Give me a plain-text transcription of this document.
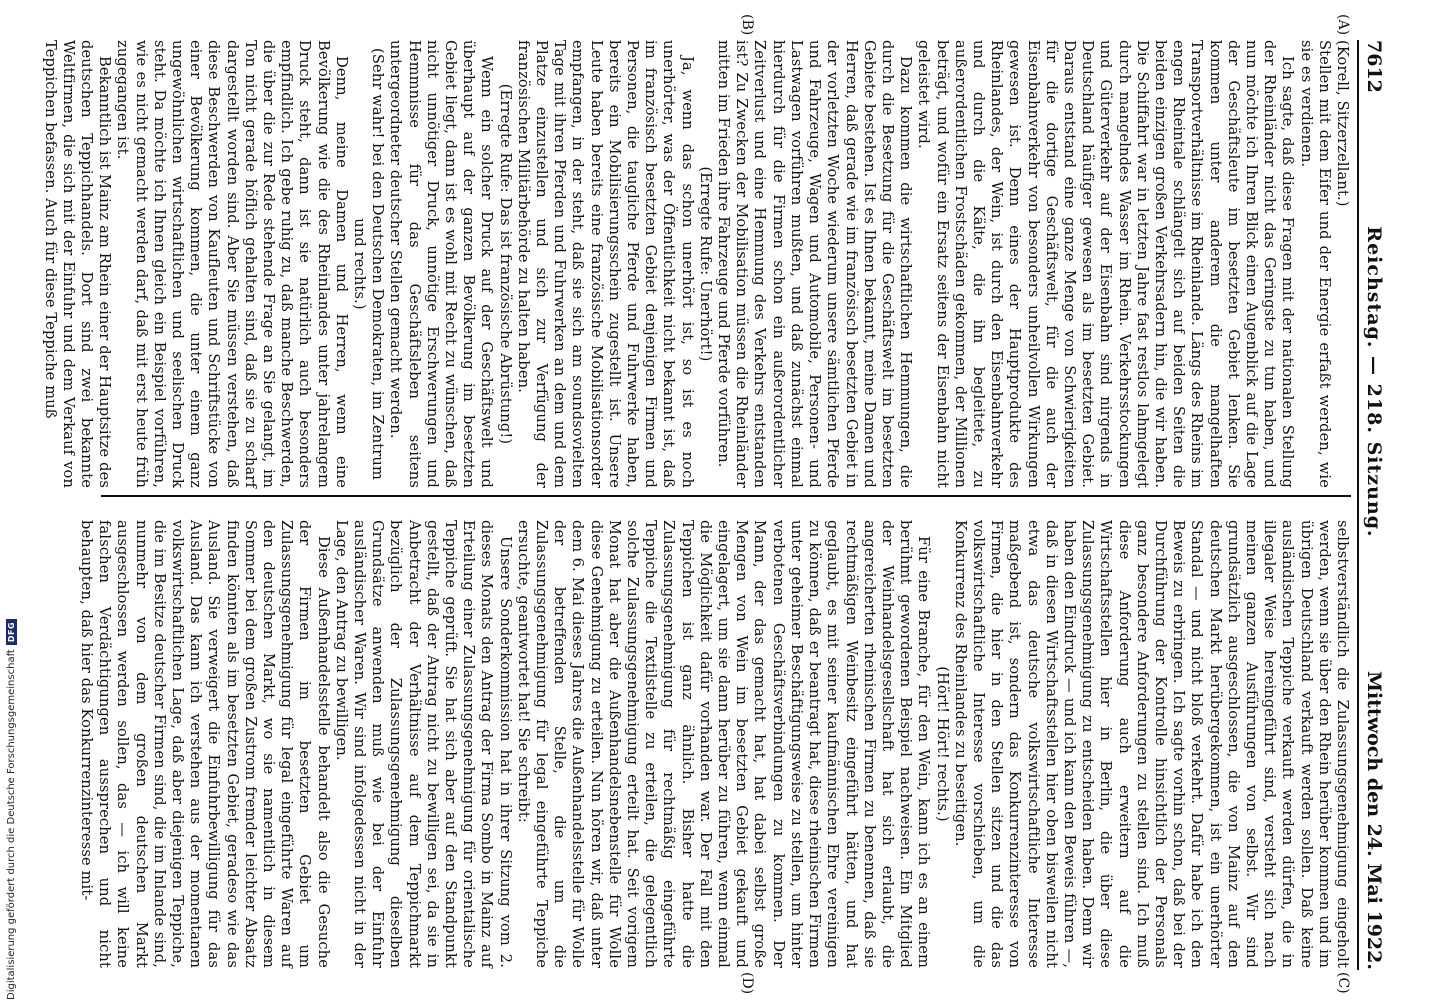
7612
Reichstag. — 218. Sitzung.
Mittwoch den 24. Mai 1922.
(A)
(B)
(C)
(D)

(Korell, Sitzerzellant.)

Stellen mit dem Eifer und der Energie erfaßt werden, wie sie es verdienen.

Ich sagte, daß diese Fragen mit der nationalen Stellung der Rheinländer nicht das Geringste zu tun haben, und nun möchte ich Ihren Blick einen Augenblick auf die Lage der Geschäftsleute im besetzten Gebiet lenken. Sie kommen unter anderem die mangelhaften Transportverhältnisse im Rheinlande. Längs des Rheins im engen Rheintale schlängelt sich auf beiden Seiten die beiden einzigen großen Verkehrsadern hin, die wir haben. Die Schiffahrt war in letzten Jahre fast restlos lahmgelegt durch mangelndes Wasser im Rhein. Verkehrsstockungen und Güterverkehr auf der Eisenbahn sind nirgends in Deutschland häufiger gewesen als im besetzten Gebiet. Daraus entstand eine ganze Menge von Schwierigkeiten für die dortige Geschäftswelt, für die auch der Eisenbahnverkehr von besonders unheilvollen Wirkungen gewesen ist. Denn eines der Hauptprodukte des Rheinlandes, der Wein, ist durch den Eisenbahnverkehr und durch die Kälte, die ihn begleitete, zu außerordentlichen Frostschäden gekommen, der Millionen beträgt, und wofür ein Ersatz seitens der Eisenbahn nicht geleistet wird.

Dazu kommen die wirtschaftlichen Hemmungen, die durch die Besetzung für die Geschäftswelt im besetzten Gebiete bestehen. Ist es Ihnen bekannt, meine Damen und Herren, daß gerade wie im französisch besetzten Gebiet in der vorletzten Woche wiederum unsere sämtlichen Pferde und Fahrzeuge, Wagen und Automobile, Personen- und Lastwagen vorführen mußten, und daß zunächst einmal hierdurch für die Firmen schon ein außerordentlicher Zeitverlust und eine Hemmung des Verkehrs entstanden ist? Zu Zwecken der Mobilisation müssen die Rheinländer mitten im Frieden ihre Fahrzeuge und Pferde vorführen.

(Erregte Rufe: Unerhört!)

Ja, wenn das schon unerhört ist, so ist es noch unerhörter, was der Öffentlichkeit nicht bekannt ist, daß im französisch besetzten Gebiet denjenigen Firmen und Personen, die taugliche Pferde und Fuhrwerke haben, bereits ein Mobilisierungsschein zugestellt ist. Unsere Leute haben bereits eine französische Mobilisationsorder empfangen, in der steht, daß sie sich am soundsovielten Tage mit ihren Pferden und Fuhrwerken an dem und dem Platze einzustellen und sich zur Verfügung der französischen Militärbehörde zu halten haben.

(Erregte Rufe: Das ist französische Abrüstung!)

Wenn ein solcher Druck auf der Geschäftswelt und überhaupt auf der ganzen Bevölkerung im besetzten Gebiet liegt, dann ist es wohl mit Recht zu wünschen, daß nicht unnötiger Druck, unnötige Erschwerungen und Hemmnisse für das Geschäftsleben seitens untergeordneter deutscher Stellen gemacht werden.

(Sehr wahr! bei den Deutschen Demokraten, im Zentrum und rechts.)

Denn, meine Damen und Herren, wenn eine Bevölkerung wie die des Rheinlandes unter jahrelangem Druck steht, dann ist sie natürlich auch besonders empfindlich. Ich gebe ruhig zu, daß manche Beschwerden, die über die zur Rede stehende Frage an Sie gelangt, im Ton nicht gerade höflich gehalten sind, daß sie zu scharf dargestellt worden sind. Aber Sie müssen verstehen, daß diese Beschwerden von Kaufleuten und Schriftstücke von einer Bevölkerung kommen, die unter einem ganz ungewöhnlichen wirtschaftlichen und seelischen Druck steht. Da möchte ich Ihnen gleich ein Beispiel vorführen, wie es nicht gemacht werden darf, daß mit erst heute früh zugegangen ist.

Bekanntlich ist Mainz am Rhein einer der Hauptsitze des deutschen Teppichhandels. Dort sind zwei bekannte Weltfirmen, die sich mit der Einfuhr und dem Verkauf von Teppichen befassen. Auch für diese Teppiche muß

selbstverständlich die Zulassungsgenehmigung eingeholt werden, wenn sie über den Rhein herüber kommen und im übrigen Deutschland verkauft werden sollen. Daß keine ausländischen Teppiche verkauft werden dürfen, die in illegaler Weise hereingeführt sind, versteht sich nach meinen ganzen Ausführungen von selbst. Wir sind grundsätzlich ausgeschlossen, die von Mainz auf den deutschen Markt herübergekommen, ist ein unerhörter Standal — und nicht bloß verkehrt. Dafür habe ich den Beweis zu erbringen. Ich sagte vorhin schon, daß bei der Durchführung der Kontrolle hinsichtlich der Personals ganz besondere Anforderungen zu stellen sind. Ich muß diese Anforderung auch erweitern auf die Wirtschaftsstellen hier in Berlin, die über diese Zulassungsgenehmigung zu entscheiden haben. Denn wir haben den Eindruck — und ich kann den Beweis führen —, daß in diesen Wirtschaftsstellen hier oben bisweilen nicht etwa das deutsche volkswirtschaftliche Interesse maßgebend ist, sondern das Konkurrenzinteresse von Firmen, die hier in den Stellen sitzen und die das volkswirtschaftliche Interesse vorschieben, um die Konkurrenz des Rheinlandes zu beseitigen.

(Hört! Hört! rechts.)

Für eine Branche, für den Wein, kann ich es an einem berühmt gewordenen Beispiel nachweisen. Ein Mitglied der Weinhandelsgesellschaft hat sich erlaubt, die angereicherten rheinischen Firmen zu benennen, daß sie rechtmäßigen Weinbesitz eingeführt hätten, und hat geglaubt, es mit seiner kaufmännischen Ehre vereinigen zu können, daß er beantragt hat, diese rheinischen Firmen unter geheimer Beschäftigungsweise zu stellen, um hinter verbotenen Geschäftsverbindungen zu kommen. Der Mann, der das gemacht hat, hat dabei selbst große Mengen von Wein im besetzten Gebiet gekauft und eingelagert, um sie dann herüber zu führen, wenn einmal die Möglichkeit dafür vorhanden war. Der Fall mit den Teppichen ist ganz ähnlich. Bisher hatte die Zulassungsgenehmigung für rechtmäßig eingeführte Teppiche die Textilstelle zu erteilen, die gelegentlich solche Zulassungsgenehmigung erteilt hat. Seit vorigem Monat hat aber die Außenhandelsnebenstelle für Wolle diese Genehmigung zu erteilen. Nun hören wir, daß unter dem 6. Mai dieses Jahres die Außenhandelsstelle für Wolle der betreffenden Stelle, die um die Zulassungsgenehmigung für legal eingeführte Teppiche ersuchte, geantwortet hat! Sie schreibt:

Unsere Sonderkommission hat in ihrer Sitzung vom 2. dieses Monats den Antrag der Firma Sombo in Mainz auf Erteilung einer Zulassungsgenehmigung für orientalische Teppiche geprüft. Sie hat sich aber auf den Standpunkt gestellt, daß der Antrag nicht zu bewilligen sei, da sie in Anbetracht der Verhältnisse auf dem Teppichmarkt bezüglich der Zulassungsgenehmigung dieselben Grundsätze anwenden muß wie bei der Einfuhr ausländischer Waren. Wir sind infolgedessen nicht in der Lage, den Antrag zu bewilligen.

Diese Außenhandelsstelle behandelt also die Gesuche der Firmen im besetzten Gebiet um Zulassungsgenehmigung für legal eingeführte Waren auf den deutschen Markt, wo sie namentlich in diesem Sommer bei dem großen Zustrom fremder leichter Absatz finden könnten als im besetzten Gebiet, geradeso wie das Ausland. Sie verweigert die Einfuhrbewilligung für das Ausland. Das kann ich verstehen aus der momentanen volkswirtschaftlichen Lage, daß aber diejenigen Teppiche, die im Besitze deutscher Firmen sind, die im Inlande sind, nunmehr von dem großen deutschen Markt ausgeschlossen werden sollen, das — ich will keine falschen Verdächtigungen aussprechen und nicht behaupten, daß hier das Konkurrenzinteresse mit-

Digitalisierung gefördert durch die Deutsche Forschungsgemeinschaft
DFG
